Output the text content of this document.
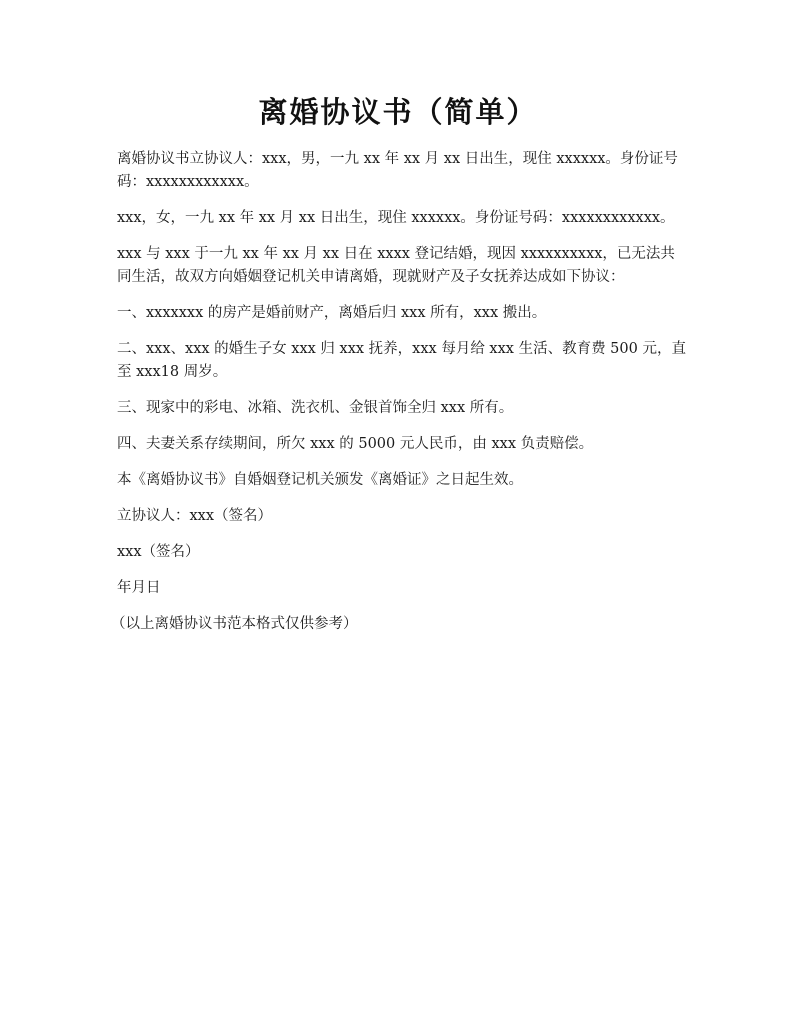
离婚协议书（简单）

离婚协议书立协议人：xxx，男，一九 xx 年 xx 月 xx 日出生，现住 xxxxxx。身份证号码：xxxxxxxxxxxx。

xxx，女，一九 xx 年 xx 月 xx 日出生，现住 xxxxxx。身份证号码：xxxxxxxxxxxx。

xxx 与 xxx 于一九 xx 年 xx 月 xx 日在 xxxx 登记结婚，现因 xxxxxxxxxx，已无法共同生活，故双方向婚姻登记机关申请离婚，现就财产及子女抚养达成如下协议：

一、xxxxxxx 的房产是婚前财产，离婚后归 xxx 所有，xxx 搬出。

二、xxx、xxx 的婚生子女 xxx 归 xxx 抚养，xxx 每月给 xxx 生活、教育费 500 元，直至 xxx18 周岁。

三、现家中的彩电、冰箱、洗衣机、金银首饰全归 xxx 所有。

四、夫妻关系存续期间，所欠 xxx 的 5000 元人民币，由 xxx 负责赔偿。

本《离婚协议书》自婚姻登记机关颁发《离婚证》之日起生效。

立协议人：xxx（签名）

xxx（签名）

年月日

（以上离婚协议书范本格式仅供参考）
